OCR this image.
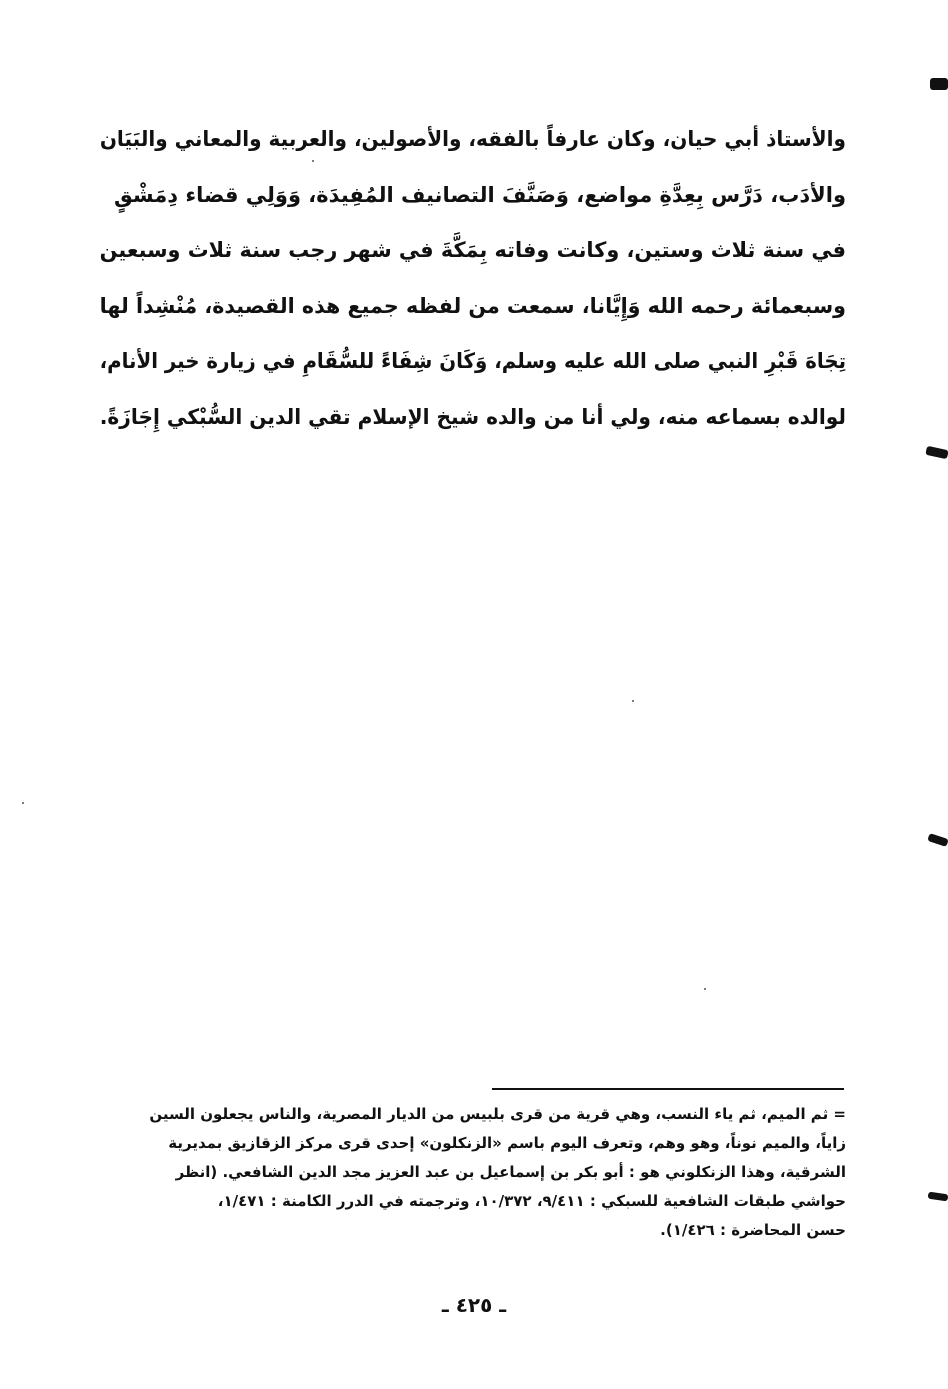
والأستاذ أبي حيان، وكان عارفاً بالفقه، والأصولين، والعربية والمعاني والبَيَان
والأدَب، دَرَّس بِعِدَّةِ مواضع، وَصَنَّفَ التصانيف المُفِيدَة، وَوَلِي قضاء دِمَشْقٍ
في سنة ثلاث وستين، وكانت وفاته بِمَكَّةَ في شهر رجب سنة ثلاث وسبعين
وسبعمائة رحمه الله وَإِيَّانا، سمعت من لفظه جميع هذه القصيدة، مُنْشِداً لها
تِجَاهَ قَبْرِ النبي صلى الله عليه وسلم، وَكَانَ شِفَاءً للسُّقَامِ في زيارة خير الأنام،
لوالده بسماعه منه، ولي أنا من والده شيخ الإسلام تقي الدين السُّبْكي إِجَازَةً.
= ثم الميم، ثم ياء النسب، وهي قرية من قرى بلبيس من الديار المصرية، والناس يجعلون السين
زاياً، والميم نوناً، وهو وهم، وتعرف اليوم باسم «الزنكلون» إحدى قرى مركز الزقازيق بمديرية
الشرقية، وهذا الزنكلوني هو : أبو بكر بن إسماعيل بن عبد العزيز مجد الدين الشافعي. (انظر
حواشي طبقات الشافعية للسبكي : ٩/٤١١، ١٠/٣٧٢، وترجمته في الدرر الكامنة : ١/٤٧١،
حسن المحاضرة : ١/٤٢٦).
ـ ٤٢٥ ـ
